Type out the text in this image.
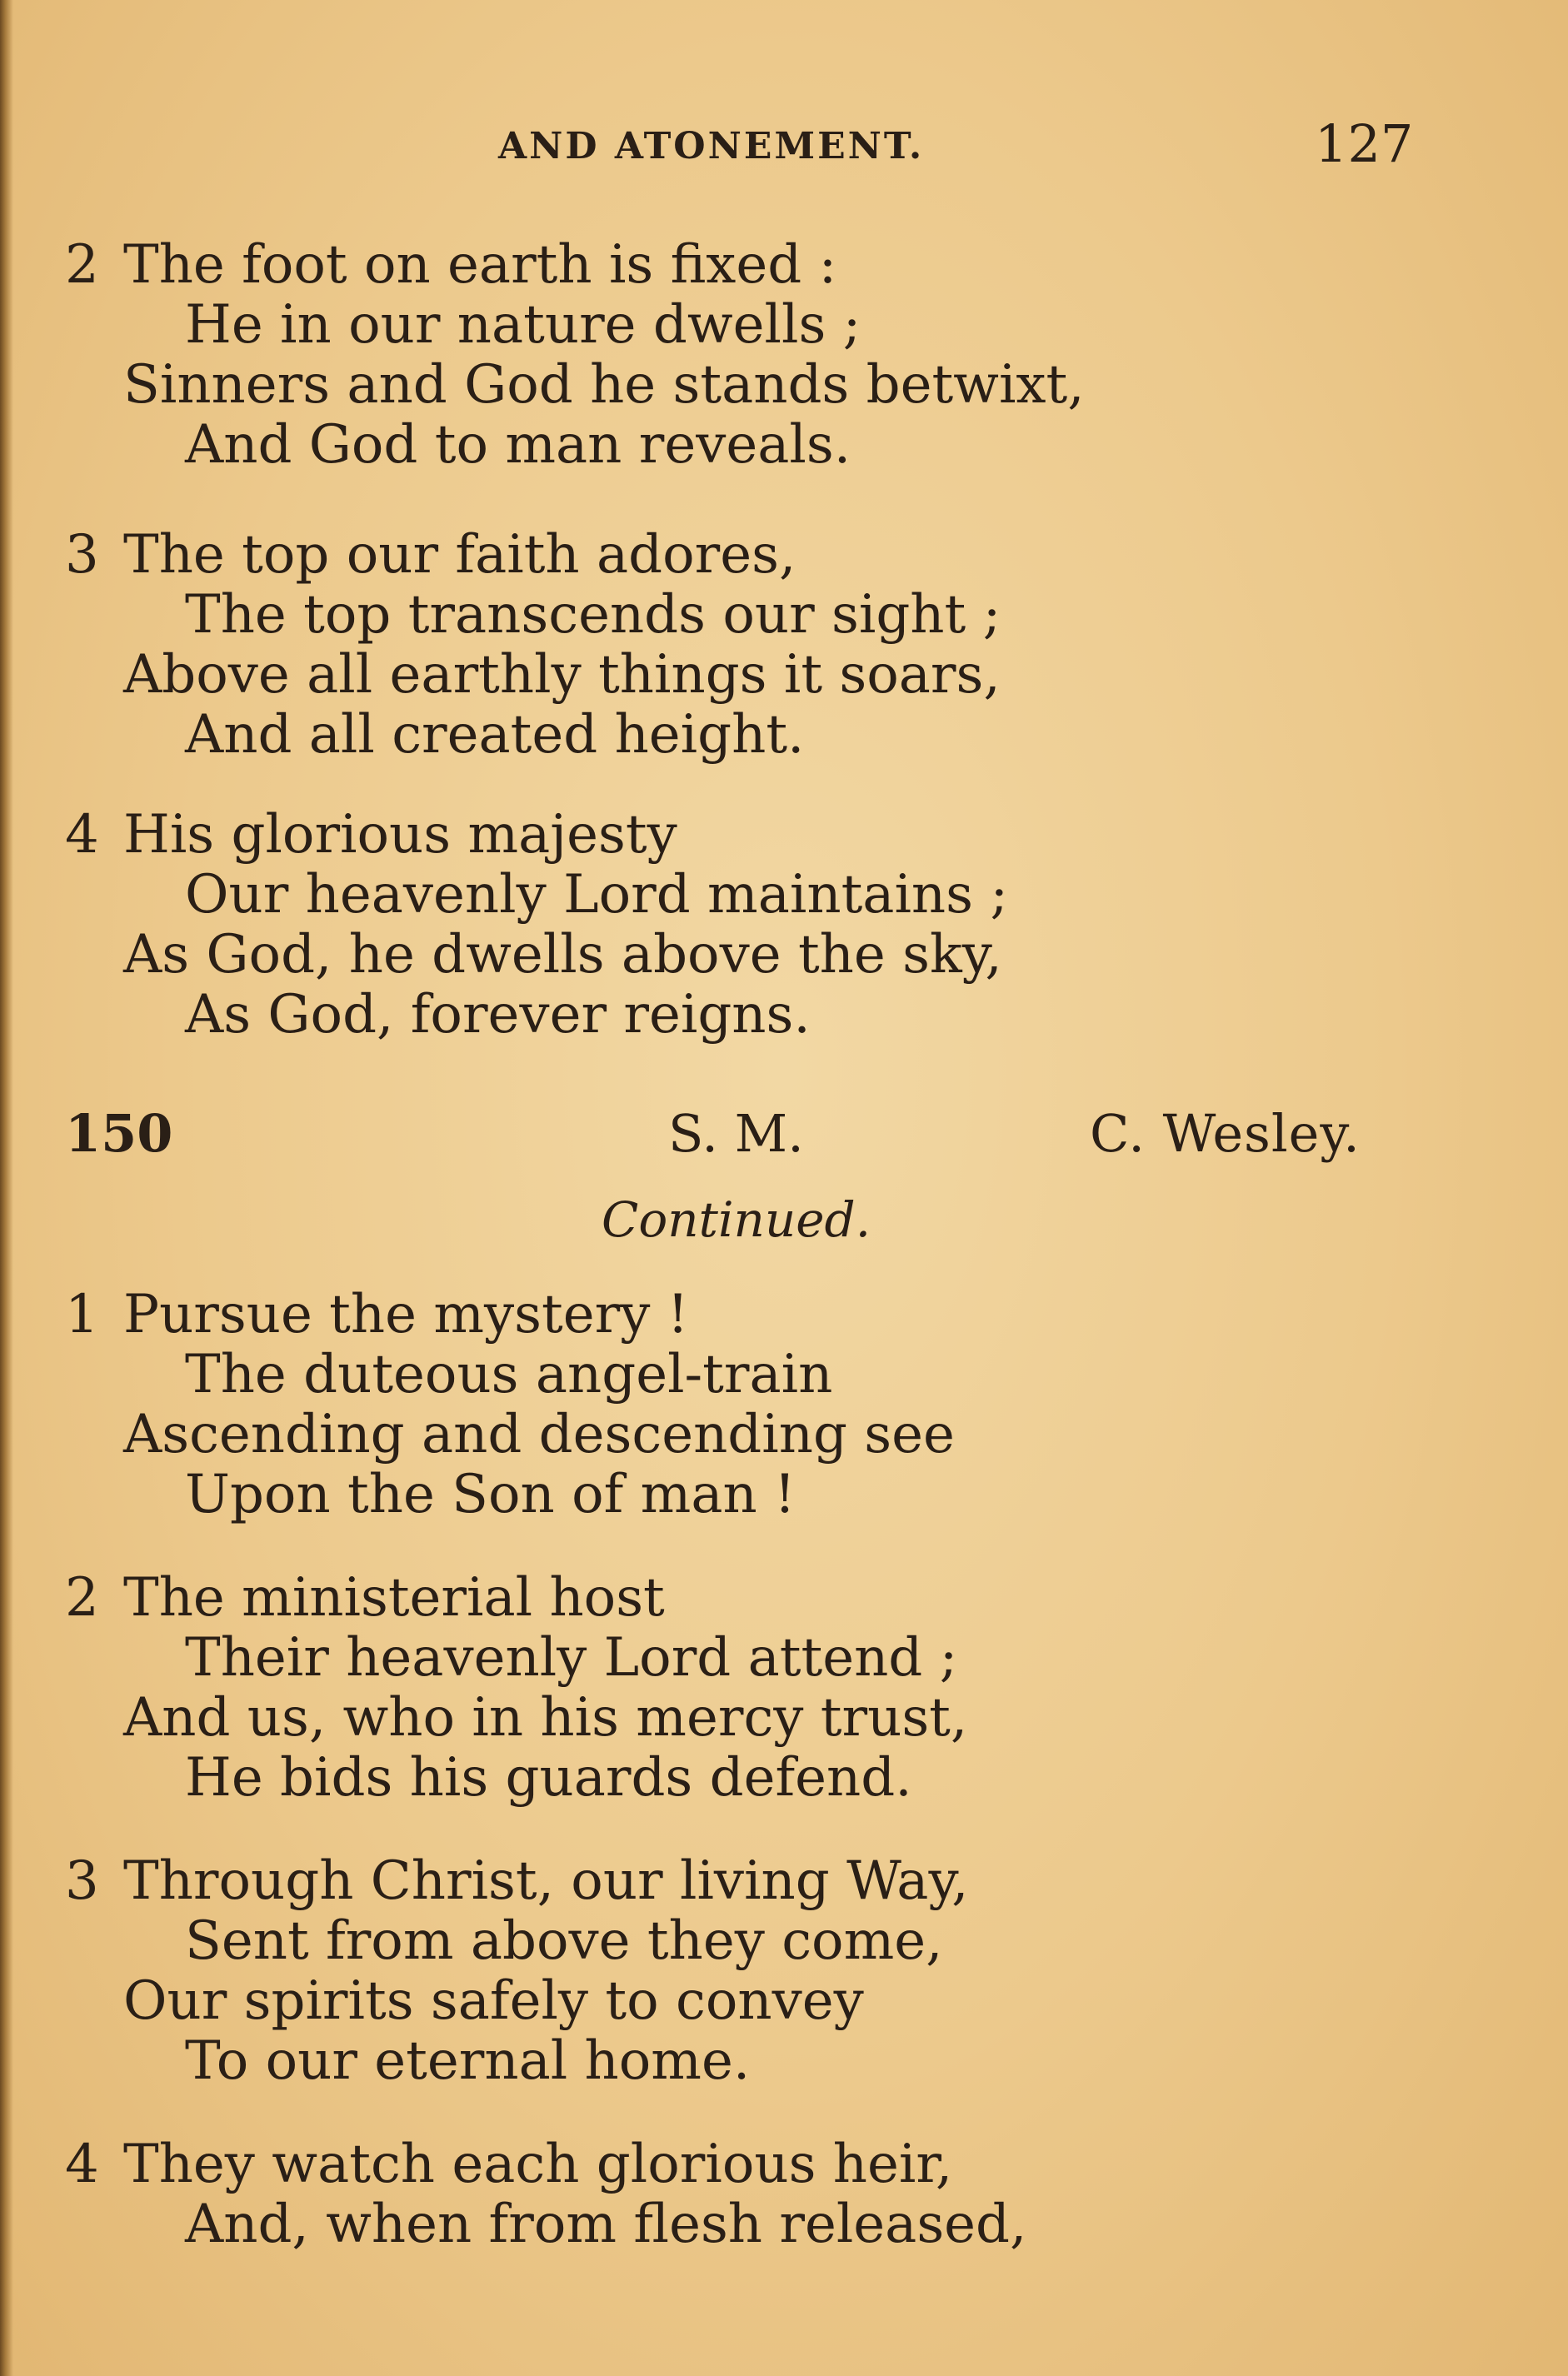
AND ATONEMENT.	127
2 The foot on earth is fixed :
He in our nature dwells ;
Sinners and God he stands betwixt,
And God to man reveals.
3 The top our faith adores,
The top transcends our sight ;
Above all earthly things it soars,
And all created height.
4 His glorious majesty
Our heavenly Lord maintains ;
As God, he dwells above the sky,
As God, forever reigns.
150	S. M.	C. Wesley.
Continued.
1 Pursue the mystery !
The duteous angel-train
Ascending and descending see
Upon the Son of man !
2 The ministerial host
Their heavenly Lord attend ;
And us, who in his mercy trust,
He bids his guards defend.
3 Through Christ, our living Way,
Sent from above they come,
Our spirits safely to convey
To our eternal home.
4 They watch each glorious heir,
And, when from flesh released,
